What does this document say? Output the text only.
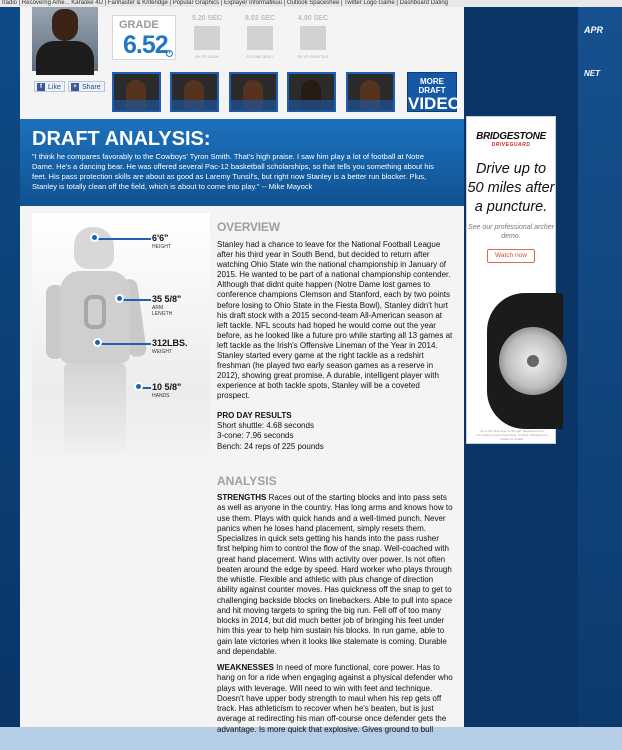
Iradio | Recoverng Ame... Karaoke 4U | Fanhaster & Kriteridge | Popular Graphics | Explayer Informatikuu | Outlook Spaceshee | Twitter Logo Game | Dashboard Dating
APR
NET
f Like	+ Share
GRADE
6.52 ▾
5.20 SEC
40 YD DASH
8.03 SEC
3 CONE DRILL
4.90 SEC
20 YD SHUTTLE
MORE DRAFT
VIDEO
DRAFT ANALYSIS:

"I think he compares favorably to the Cowboys' Tyron Smith. That's high praise. I saw him play a lot of football at Notre Dame. He's a dancing bear. He was offered several Pac-12 basketball scholarships, so that tells you something about his feet. His pass protection skills are about as good as Laremy Tunsil's, but right now Stanley is a better run blocker. Plus, Stanley is totally clean off the field, which is about to come into play." -- Mike Mayock

6'6"
HEIGHT
35 5/8"
ARM LENGTH
312LBS.
WEIGHT
10 5/8"
HANDS
OVERVIEW
Stanley had a chance to leave for the National Football League after his third year in South Bend, but decided to return after watching Ohio State win the national championship in January of 2015. He wanted to be part of a national championship contender. Although that didnt quite happen (Notre Dame lost games to conference champions Clemson and Stanford, each by two points before losing to Ohio State in the Fiesta Bowl), Stanley didn't hurt his draft stock with a 2015 second-team All-American season at left tackle. NFL scouts had hoped he would come out the year before, as he looked like a future pro while starting all 13 games at left tackle as the Irish's Offensive Lineman of the Year in 2014. Stanley started every game at the right tackle as a redshirt freshman (he played two early season games as a reserve in 2012), showing great promise. A durable, intelligent player with experience at both tackle spots, Stanley will be a coveted prospect.
PRO DAY RESULTS
Short shuttle: 4.68 seconds
3-cone: 7.96 seconds
Bench: 24 reps of 225 pounds
ANALYSIS
STRENGTHS Races out of the starting blocks and into pass sets as well as anyone in the country. Has long arms and knows how to use them. Plays with quick hands and a well-timed punch. Never panics when he loses hand placement, simply resets them. Specializes in quick sets getting his hands into the pass rusher first helping him to control the flow of the snap. Well-coached with great hand placement. Wins with activity over power. Is not often beaten around the edge by speed. Hard worker who plays through the whistle. Flexible and athletic with plus change of direction ability against counter moves. Has quickness off the snap to get to challenging backside blocks on linebackers. Able to pull into space and hit moving targets to spring the big run. Fell off of too many blocks in 2014, but did much better job of bringing his feet under him this year to help him sustain his blocks. In run game, able to gain late victories when it looks like stalemate is coming. Durable and dependable.
WEAKNESSES In need of more functional, core power. Has to hang on for a ride when engaging against a physical defender who plays with leverage. Will need to win with feet and technique. Doesn't have upper body strength to maul when his rep gets off track. Has athleticism to recover when he's beaten, but is just average at redirecting his man off-course once defender gets the advantage. Is more quick that explosive. Gives ground to bull
BRIDGESTONE
DRIVEGUARD
Drive up to 50 miles after a puncture.
See our professional archer demo.
Watch now
Up to 50 miles at up to 50 mph. Replacement of irrevocably compromised tires. Contact a Bridgestone retailer for details.
